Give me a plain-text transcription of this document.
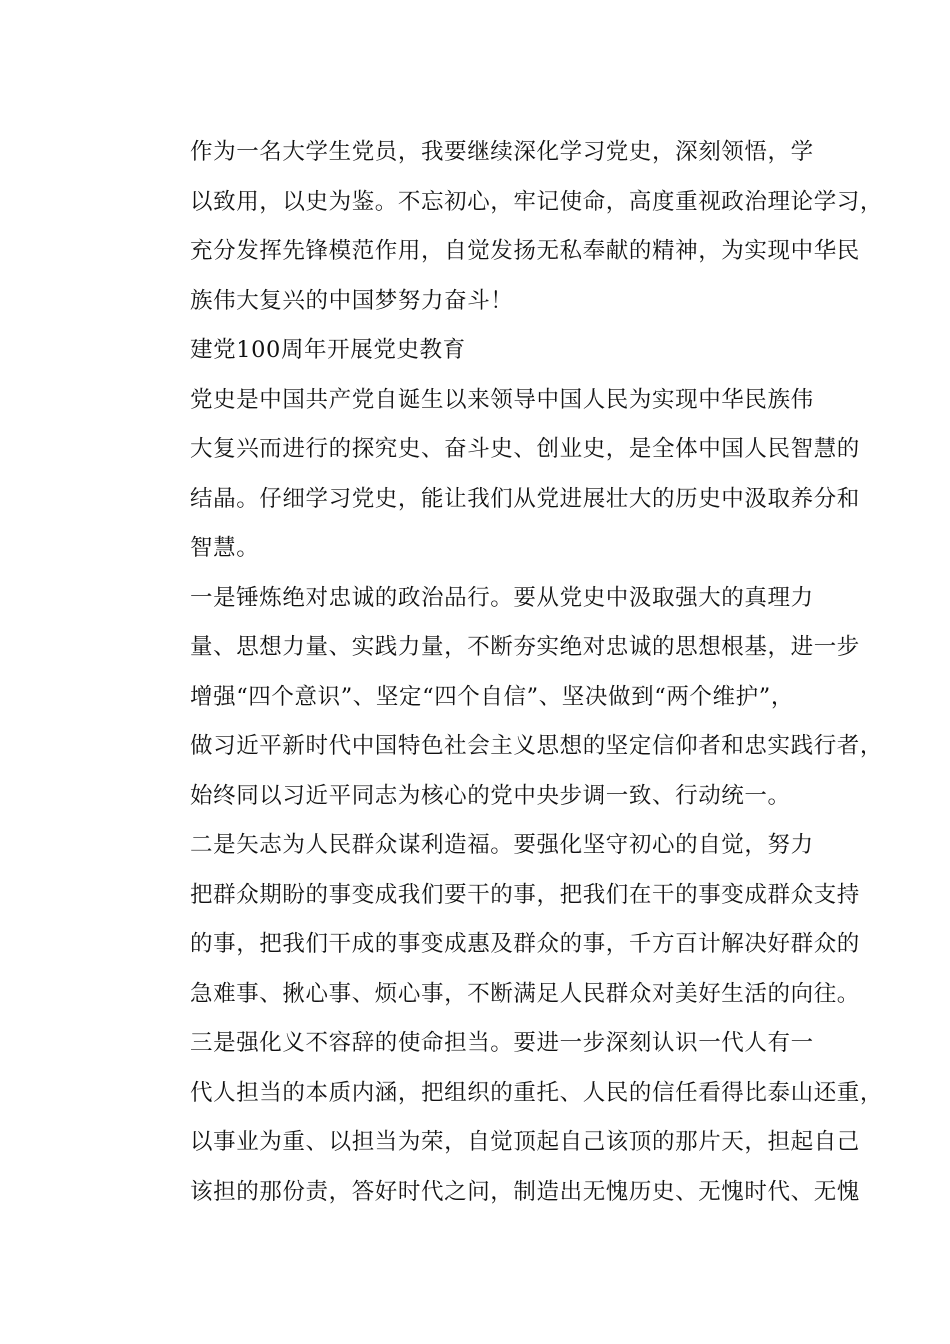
作为一名大学生党员，我要继续深化学习党史，深刻领悟，学
以致用，以史为鉴。不忘初心，牢记使命，高度重视政治理论学习，
充分发挥先锋模范作用，自觉发扬无私奉献的精神，为实现中华民
族伟大复兴的中国梦努力奋斗！

建党100周年开展党史教育

党史是中国共产党自诞生以来领导中国人民为实现中华民族伟
大复兴而进行的探究史、奋斗史、创业史，是全体中国人民智慧的
结晶。仔细学习党史，能让我们从党进展壮大的历史中汲取养分和
智慧。

一是锤炼绝对忠诚的政治品行。要从党史中汲取强大的真理力
量、思想力量、实践力量，不断夯实绝对忠诚的思想根基，进一步
增强“四个意识”、坚定“四个自信”、坚决做到“两个维护”，
做习近平新时代中国特色社会主义思想的坚定信仰者和忠实践行者，
始终同以习近平同志为核心的党中央步调一致、行动统一。

二是矢志为人民群众谋利造福。要强化坚守初心的自觉，努力
把群众期盼的事变成我们要干的事，把我们在干的事变成群众支持
的事，把我们干成的事变成惠及群众的事，千方百计解决好群众的
急难事、揪心事、烦心事，不断满足人民群众对美好生活的向往。

三是强化义不容辞的使命担当。要进一步深刻认识一代人有一
代人担当的本质内涵，把组织的重托、人民的信任看得比泰山还重，
以事业为重、以担当为荣，自觉顶起自己该顶的那片天，担起自己
该担的那份责，答好时代之问，制造出无愧历史、无愧时代、无愧
